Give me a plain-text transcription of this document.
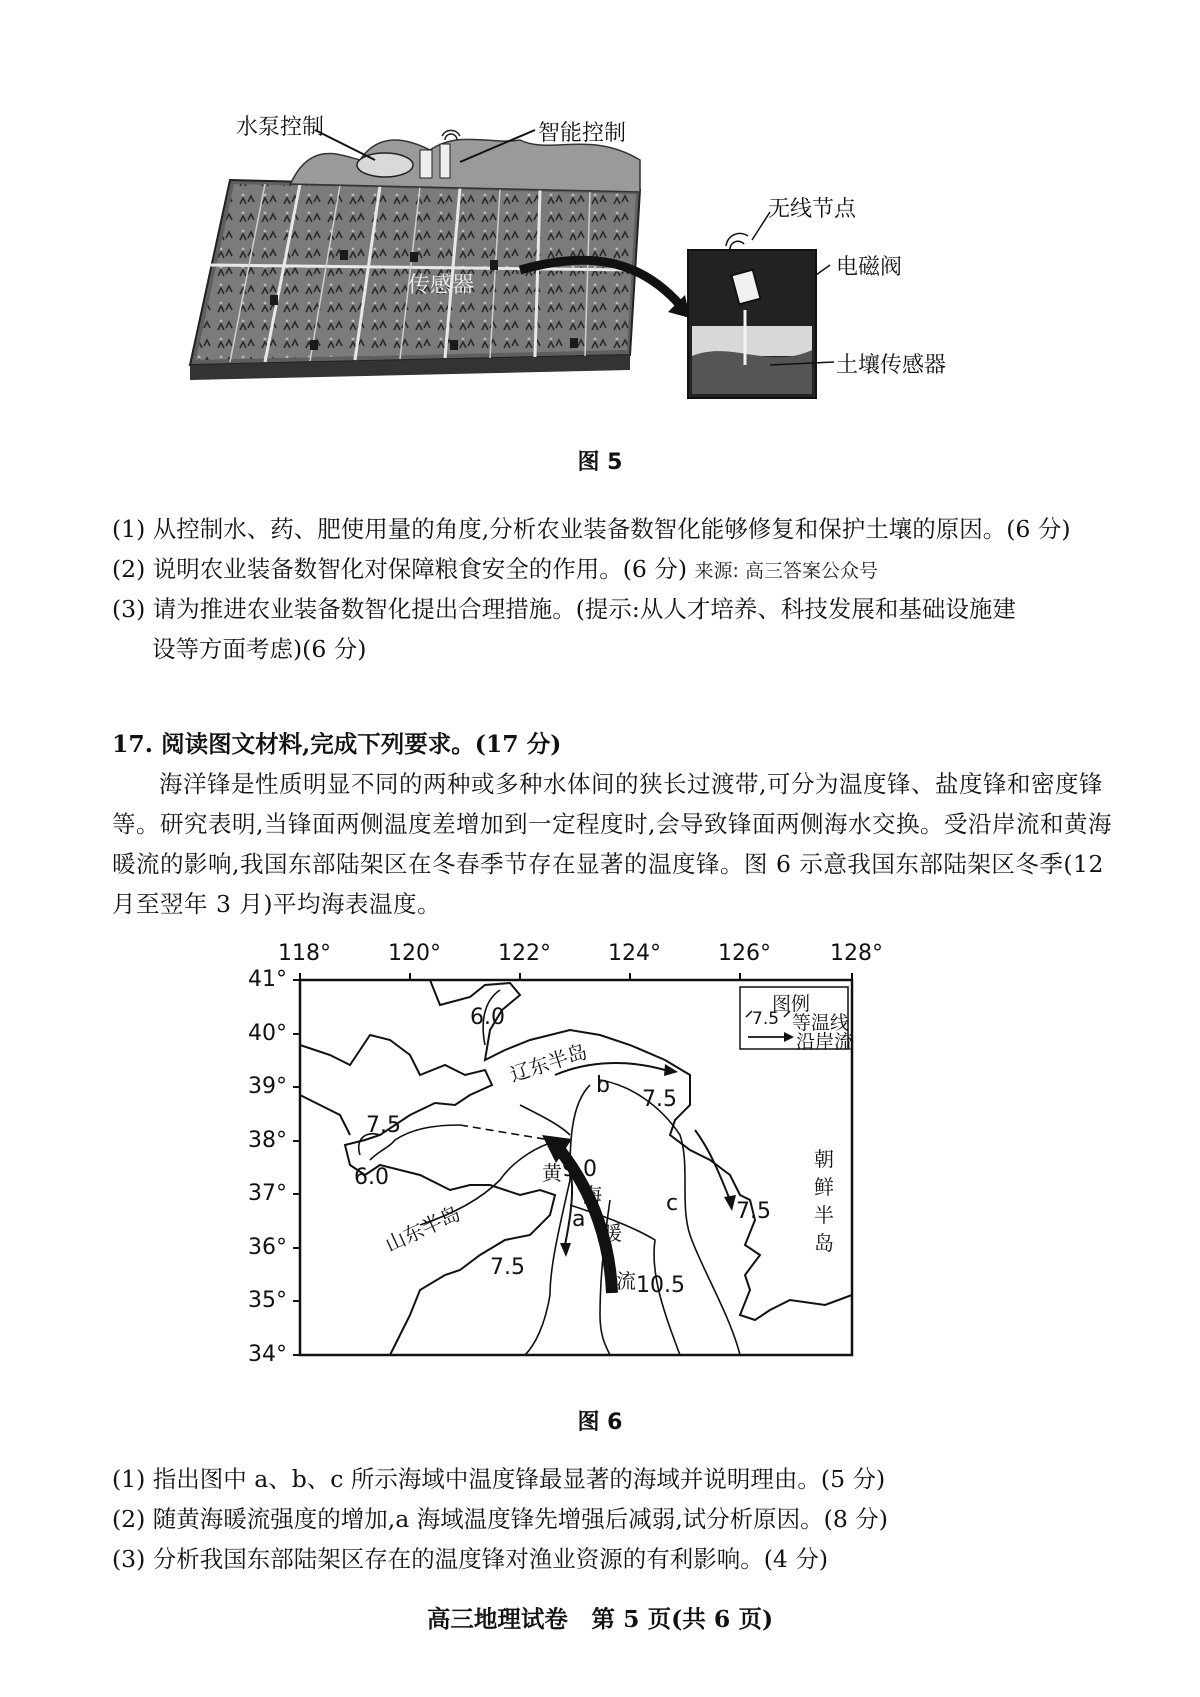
水泵控制	智能控制
传感器
无线节点
电磁阀
土壤传感器
图 5
(1) 从控制水、药、肥使用量的角度,分析农业装备数智化能够修复和保护土壤的原因。(6 分)
(2) 说明农业装备数智化对保障粮食安全的作用。(6 分) 来源: 高三答案公众号
(3) 请为推进农业装备数智化提出合理措施。(提示:从人才培养、科技发展和基础设施建
设等方面考虑)(6 分)
17. 阅读图文材料,完成下列要求。(17 分)
海洋锋是性质明显不同的两种或多种水体间的狭长过渡带,可分为温度锋、盐度锋和密度锋等。研究表明,当锋面两侧温度差增加到一定程度时,会导致锋面两侧海水交换。受沿岸流和黄海暖流的影响,我国东部陆架区在冬春季节存在显著的温度锋。图 6 示意我国东部陆架区冬季(12 月至翌年 3 月)平均海表温度。
118°	120°	122°	124°	126°	128°
41°
40°
39°
38°
37°
36°
35°
34°
图例
7.5 等温线
沿岸流
辽东半岛
山东半岛
朝鲜半岛
黄
海
暖
流
6.0
7.5
6.0
7.5
9.0
7.5
7.5
10.5
a
b
c
图 6
(1) 指出图中 a、b、c 所示海域中温度锋最显著的海域并说明理由。(5 分)
(2) 随黄海暖流强度的增加,a 海域温度锋先增强后减弱,试分析原因。(8 分)
(3) 分析我国东部陆架区存在的温度锋对渔业资源的有利影响。(4 分)
高三地理试卷　第 5 页(共 6 页)
